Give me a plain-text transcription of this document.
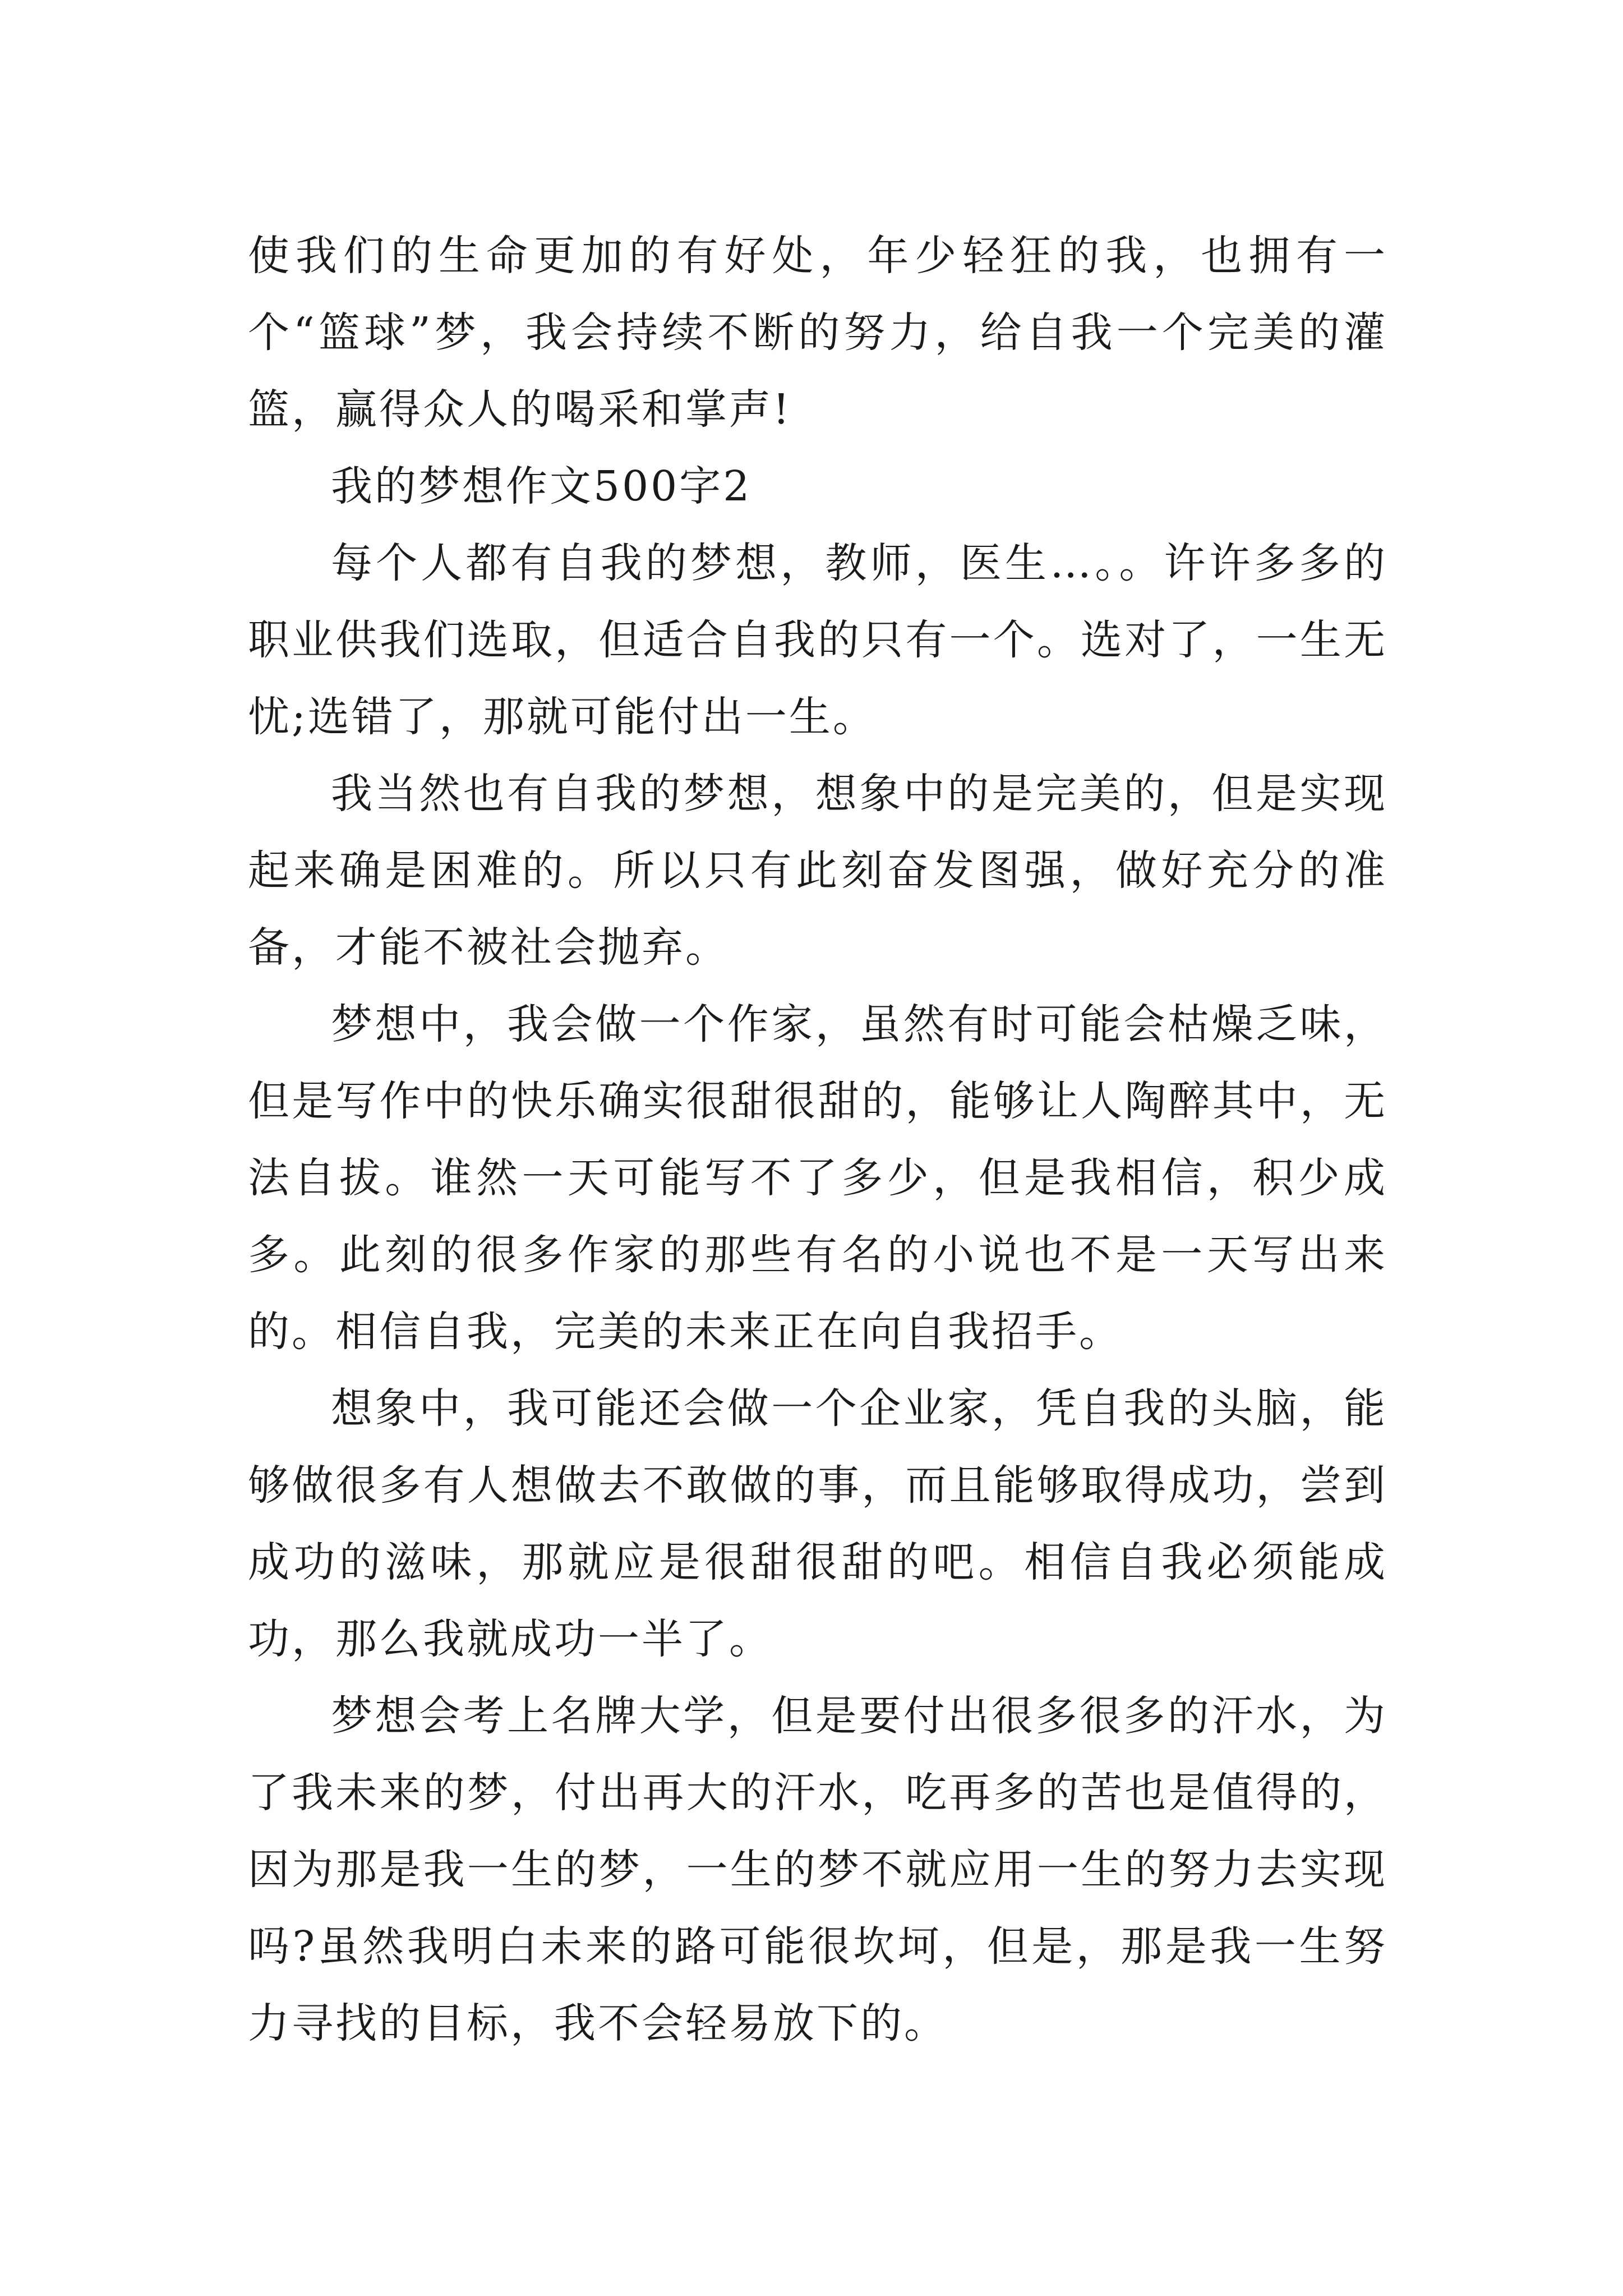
使我们的生命更加的有好处，年少轻狂的我，也拥有一个“篮球”梦，我会持续不断的努力，给自我一个完美的灌篮，赢得众人的喝采和掌声!

我的梦想作文500字2

每个人都有自我的梦想，教师，医生…。。许许多多的职业供我们选取，但适合自我的只有一个。选对了，一生无忧;选错了，那就可能付出一生。

我当然也有自我的梦想，想象中的是完美的，但是实现起来确是困难的。所以只有此刻奋发图强，做好充分的准备，才能不被社会抛弃。

梦想中，我会做一个作家，虽然有时可能会枯燥乏味，但是写作中的快乐确实很甜很甜的，能够让人陶醉其中，无法自拔。谁然一天可能写不了多少，但是我相信，积少成多。此刻的很多作家的那些有名的小说也不是一天写出来的。相信自我，完美的未来正在向自我招手。

想象中，我可能还会做一个企业家，凭自我的头脑，能够做很多有人想做去不敢做的事，而且能够取得成功，尝到成功的滋味，那就应是很甜很甜的吧。相信自我必须能成功，那么我就成功一半了。

梦想会考上名牌大学，但是要付出很多很多的汗水，为了我未来的梦，付出再大的汗水，吃再多的苦也是值得的，因为那是我一生的梦，一生的梦不就应用一生的努力去实现吗?虽然我明白未来的路可能很坎坷，但是，那是我一生努力寻找的目标，我不会轻易放下的。
